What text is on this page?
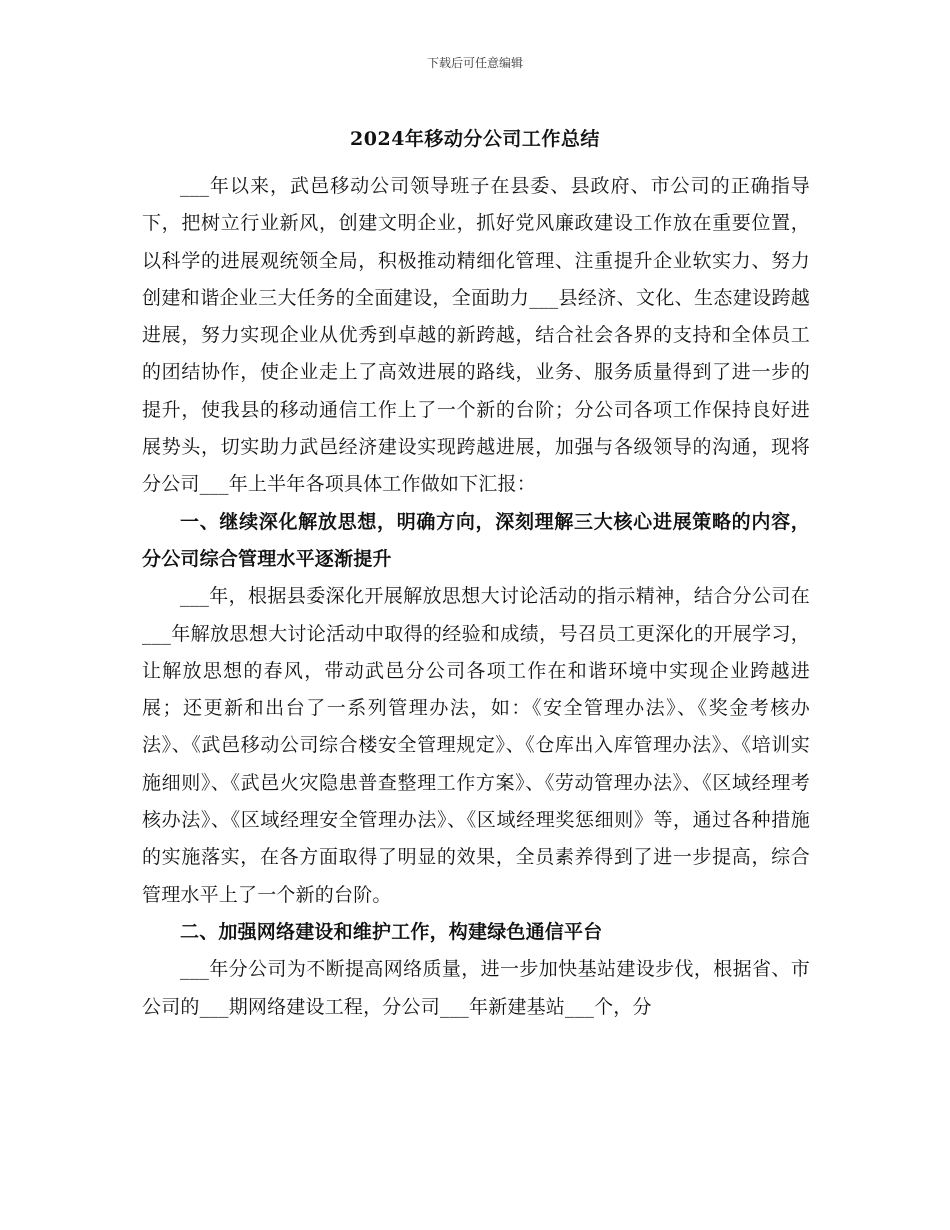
下载后可任意编辑
2024年移动分公司工作总结

___年以来，武邑移动公司领导班子在县委、县政府、市公司的正确指导下，把树立行业新风，创建文明企业，抓好党风廉政建设工作放在重要位置，以科学的进展观统领全局，积极推动精细化管理、注重提升企业软实力、努力创建和谐企业三大任务的全面建设，全面助力___县经济、文化、生态建设跨越进展，努力实现企业从优秀到卓越的新跨越，结合社会各界的支持和全体员工的团结协作，使企业走上了高效进展的路线，业务、服务质量得到了进一步的提升，使我县的移动通信工作上了一个新的台阶；分公司各项工作保持良好进展势头，切实助力武邑经济建设实现跨越进展，加强与各级领导的沟通，现将分公司___年上半年各项具体工作做如下汇报：

一、继续深化解放思想，明确方向，深刻理解三大核心进展策略的内容，分公司综合管理水平逐渐提升

___年，根据县委深化开展解放思想大讨论活动的指示精神，结合分公司在___年解放思想大讨论活动中取得的经验和成绩，号召员工更深化的开展学习，让解放思想的春风，带动武邑分公司各项工作在和谐环境中实现企业跨越进展；还更新和出台了一系列管理办法，如：《安全管理办法》、《奖金考核办法》、《武邑移动公司综合楼安全管理规定》、《仓库出入库管理办法》、《培训实施细则》、《武邑火灾隐患普查整理工作方案》、《劳动管理办法》、《区域经理考核办法》、《区域经理安全管理办法》、《区域经理奖惩细则》等，通过各种措施的实施落实，在各方面取得了明显的效果，全员素养得到了进一步提高，综合管理水平上了一个新的台阶。

二、加强网络建设和维护工作，构建绿色通信平台

___年分公司为不断提高网络质量，进一步加快基站建设步伐，根据省、市公司的___期网络建设工程，分公司___年新建基站___个，分
